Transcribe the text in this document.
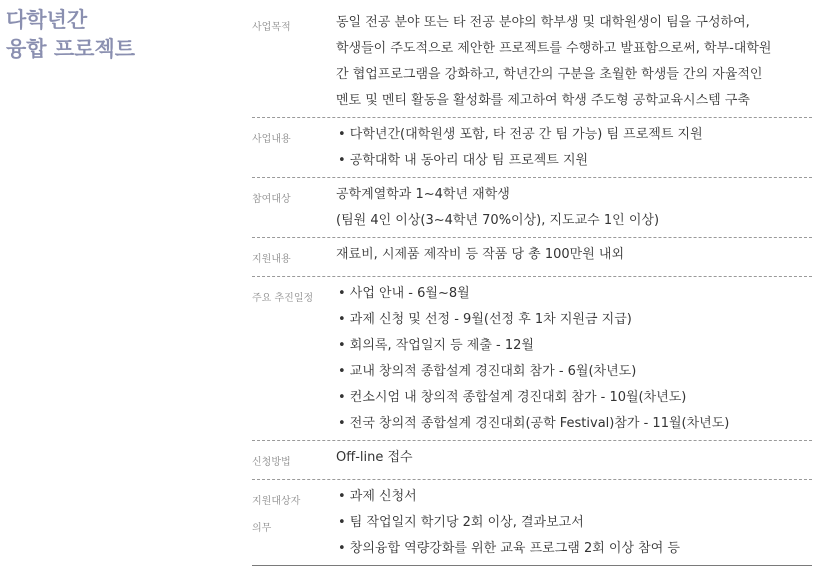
다학년간
융합 프로젝트
사업목적	동일 전공 분야 또는 타 전공 분야의 학부생 및 대학원생이 팀을 구성하여,
학생들이 주도적으로 제안한 프로젝트를 수행하고 발표함으로써, 학부-대학원
간 협업프로그램을 강화하고, 학년간의 구분을 초월한 학생들 간의 자율적인
멘토 및 멘티 활동을 활성화를 제고하여 학생 주도형 공학교육시스템 구축
사업내용	• 다학년간(대학원생 포함, 타 전공 간 팀 가능) 팀 프로젝트 지원
• 공학대학 내 동아리 대상 팀 프로젝트 지원
참여대상	공학계열학과 1~4학년 재학생
(팀원 4인 이상(3~4학년 70%이상), 지도교수 1인 이상)
지원내용	재료비, 시제품 제작비 등 작품 당 총 100만원 내외
주요 추진일정	• 사업 안내 - 6월~8월
• 과제 신청 및 선정 - 9월(선정 후 1차 지원금 지급)
• 회의록, 작업일지 등 제출 - 12월
• 교내 창의적 종합설계 경진대회 참가 - 6월(차년도)
• 컨소시엄 내 창의적 종합설계 경진대회 참가 - 10월(차년도)
• 전국 창의적 종합설계 경진대회(공학 Festival)참가 - 11월(차년도)
신청방법	Off-line 접수
지원대상자
의무
• 과제 신청서
• 팀 작업일지 학기당 2회 이상, 결과보고서
• 창의융합 역량강화를 위한 교육 프로그램 2회 이상 참여 등
